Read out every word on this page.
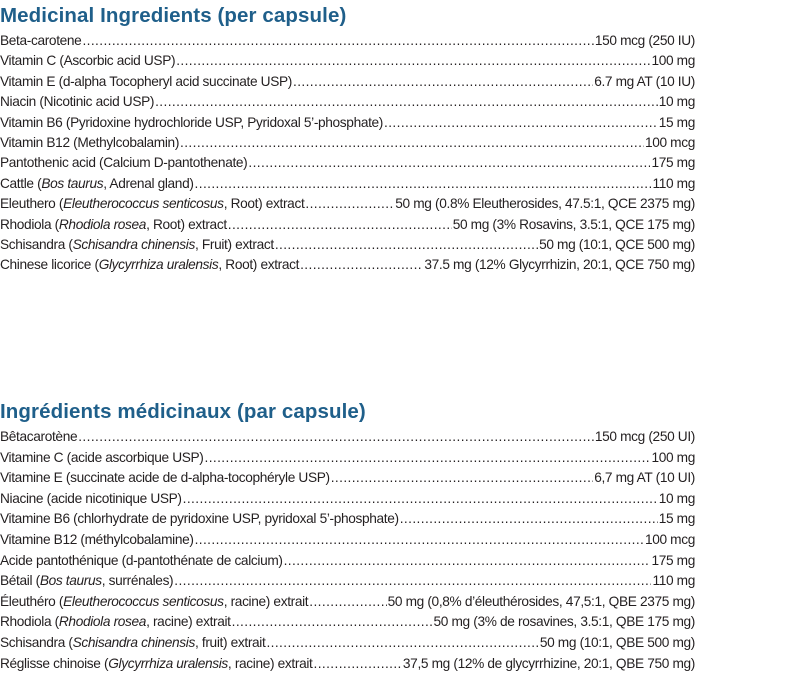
Medicinal Ingredients (per capsule)
Beta-carotene .....	150 mcg (250 IU)
Vitamin C (Ascorbic acid USP) .....	100 mg
Vitamin E (d-alpha Tocopheryl acid succinate USP) .....	6.7 mg AT (10 IU)
Niacin (Nicotinic acid USP) .....	10 mg
Vitamin B6 (Pyridoxine hydrochloride USP, Pyridoxal 5’-phosphate) .....	15 mg
Vitamin B12 (Methylcobalamin) .....	100 mcg
Pantothenic acid (Calcium D-pantothenate) .....	175 mg
Cattle (Bos taurus, Adrenal gland) .....	110 mg
Eleuthero (Eleutherococcus senticosus, Root) extract .....	50 mg (0.8% Eleutherosides, 47.5:1, QCE 2375 mg)
Rhodiola (Rhodiola rosea, Root) extract .....	50 mg (3% Rosavins, 3.5:1, QCE 175 mg)
Schisandra (Schisandra chinensis, Fruit) extract .....	50 mg (10:1, QCE 500 mg)
Chinese licorice (Glycyrrhiza uralensis, Root) extract .....	37.5 mg (12% Glycyrrhizin, 20:1, QCE 750 mg)
Ingrédients médicinaux (par capsule)
Bêtacarotène .....	150 mcg (250 UI)
Vitamine C (acide ascorbique USP) .....	100 mg
Vitamine E (succinate acide de d-alpha-tocophéryle USP) .....	6,7 mg AT (10 UI)
Niacine (acide nicotinique USP) .....	10 mg
Vitamine B6 (chlorhydrate de pyridoxine USP, pyridoxal 5’-phosphate) .....	15 mg
Vitamine B12 (méthylcobalamine) .....	100 mcg
Acide pantothénique (d-pantothénate de calcium) .....	175 mg
Bétail (Bos taurus, surrénales) .....	110 mg
Éleuthéro (Eleutherococcus senticosus, racine) extrait .....	50 mg (0,8% d’éleuthérosides, 47,5:1, QBE 2375 mg)
Rhodiola (Rhodiola rosea, racine) extrait .....	50 mg (3% de rosavines, 3.5:1, QBE 175 mg)
Schisandra (Schisandra chinensis, fruit) extrait .....	50 mg (10:1, QBE 500 mg)
Réglisse chinoise (Glycyrrhiza uralensis, racine) extrait .....	37,5 mg (12% de glycyrrhizine, 20:1, QBE 750 mg)
